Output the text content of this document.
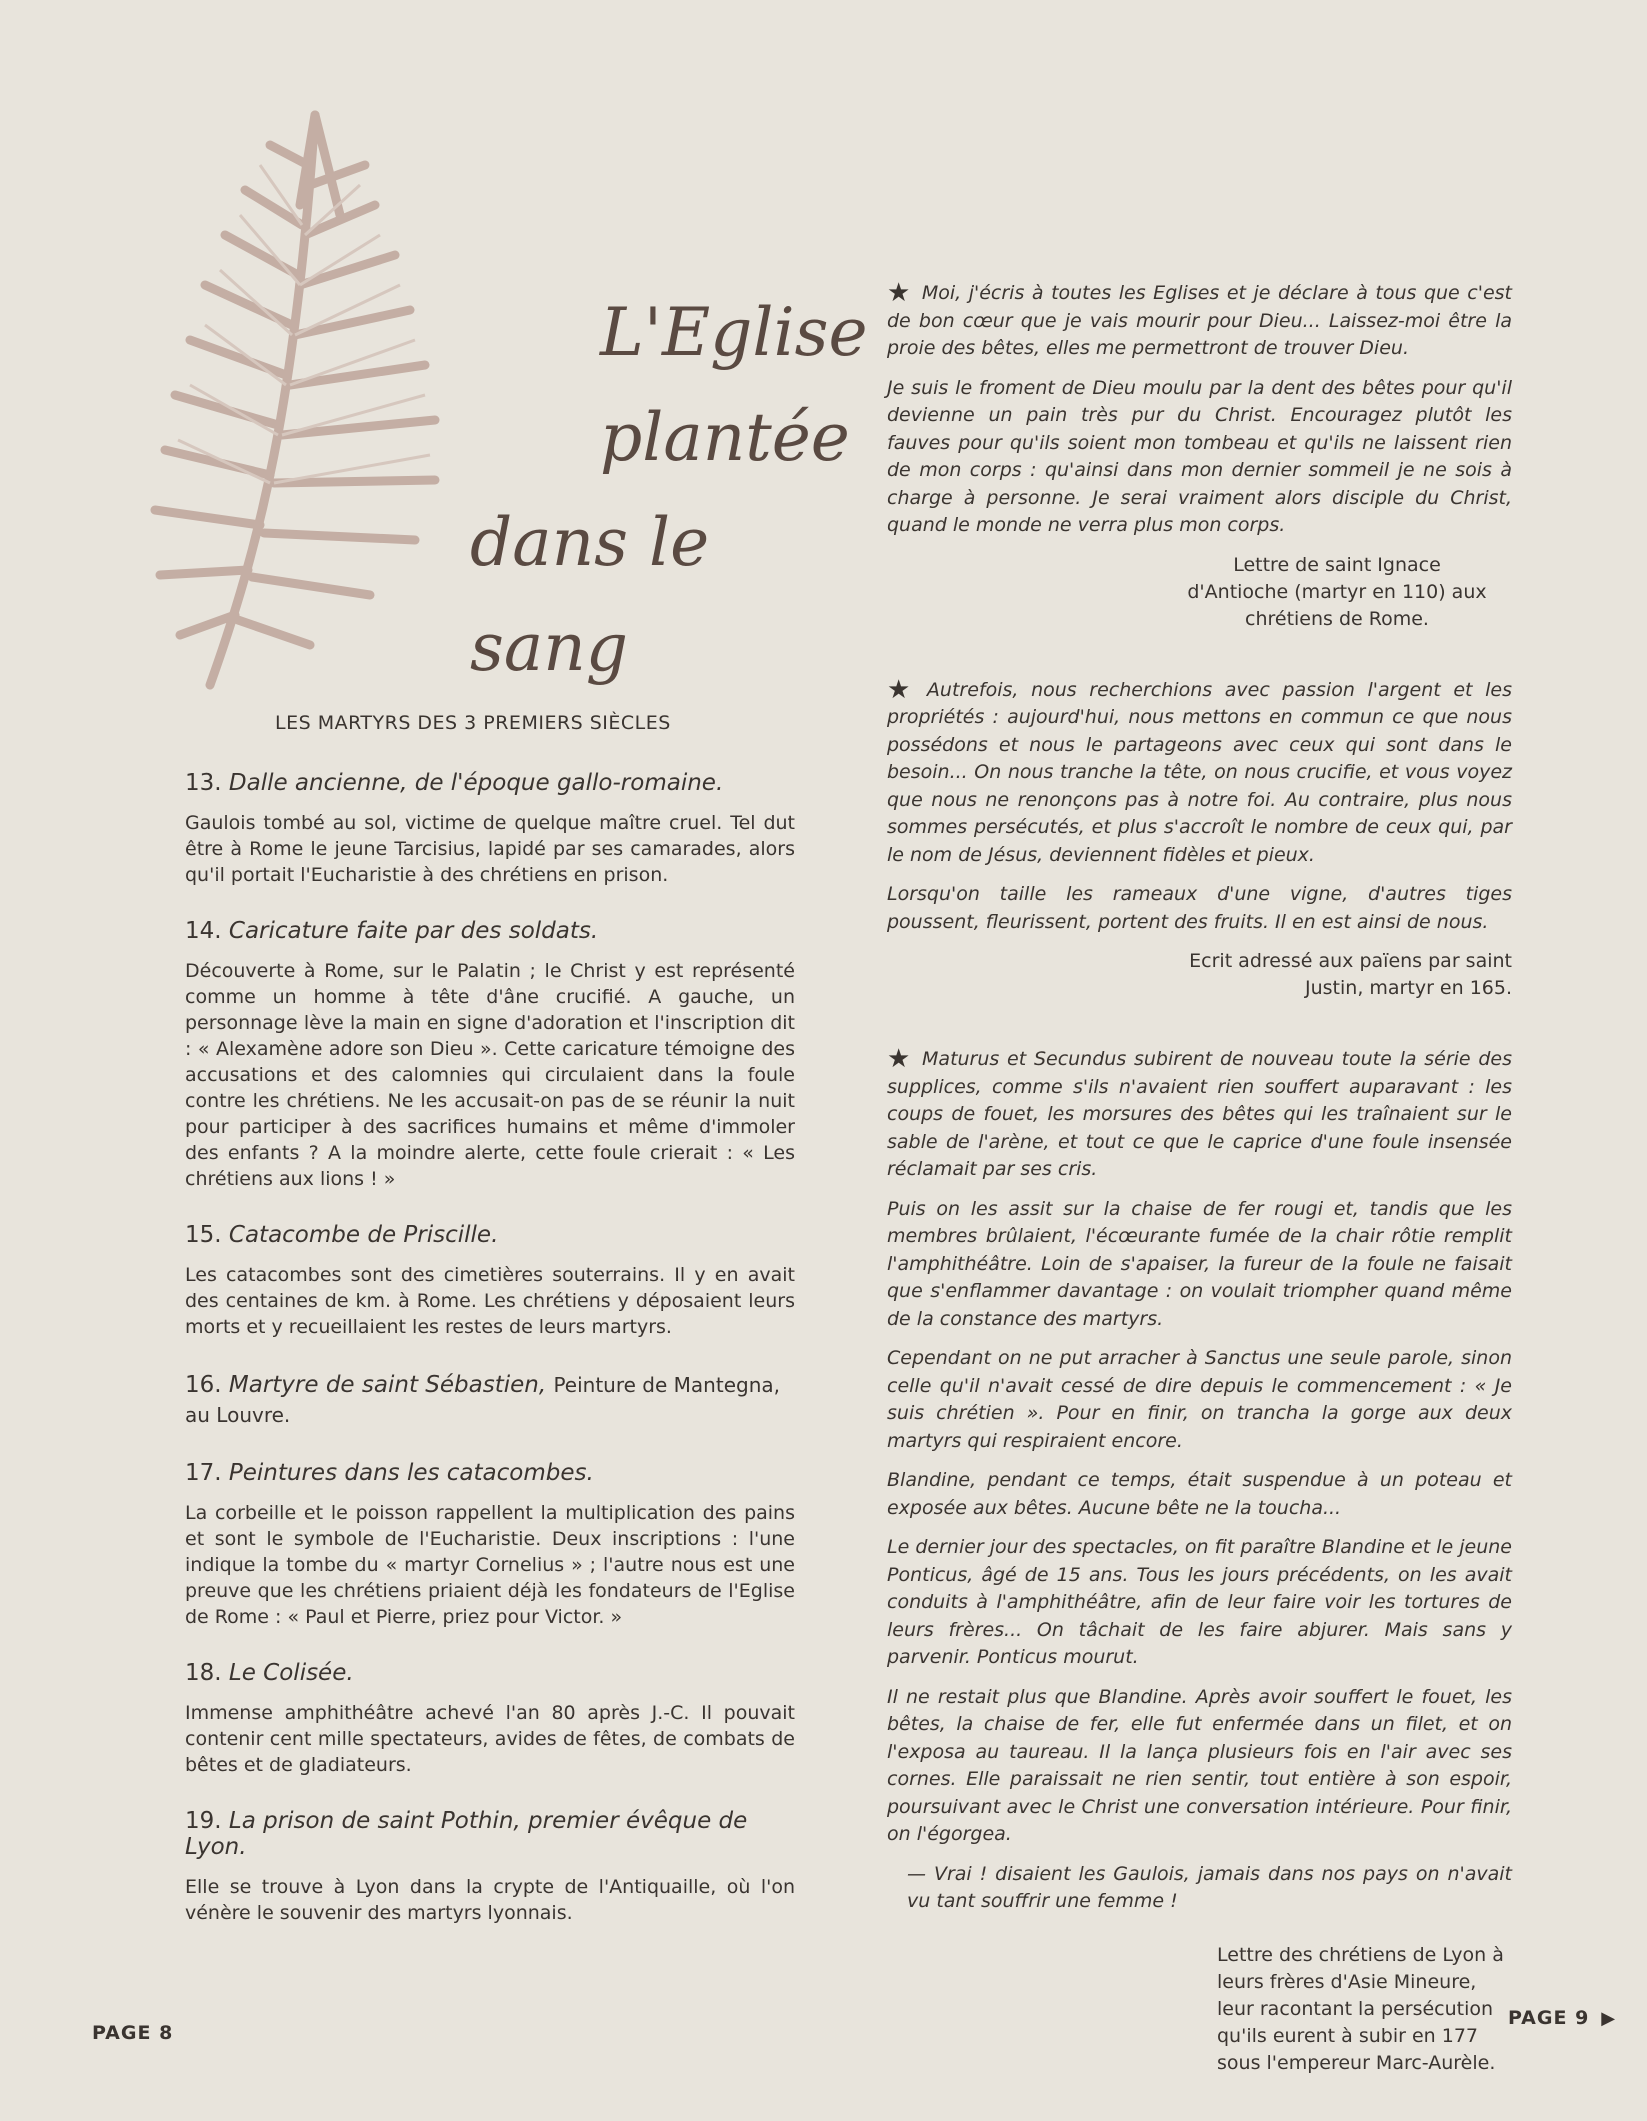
L'Eglise
plantée
dans le sang
LES MARTYRS DES 3 PREMIERS SIÈCLES
13. Dalle ancienne, de l'époque gallo-romaine.
Gaulois tombé au sol, victime de quelque maître cruel. Tel dut être à Rome le jeune Tarcisius, lapidé par ses camarades, alors qu'il portait l'Eucharistie à des chrétiens en prison.
14. Caricature faite par des soldats.
Découverte à Rome, sur le Palatin ; le Christ y est représenté comme un homme à tête d'âne crucifié. A gauche, un personnage lève la main en signe d'adoration et l'inscription dit : « Alexamène adore son Dieu ». Cette caricature témoigne des accusations et des calomnies qui circulaient dans la foule contre les chrétiens. Ne les accusait-on pas de se réunir la nuit pour participer à des sacrifices humains et même d'immoler des enfants ? A la moindre alerte, cette foule crierait : « Les chrétiens aux lions ! »
15. Catacombe de Priscille.
Les catacombes sont des cimetières souterrains. Il y en avait des centaines de km. à Rome. Les chrétiens y déposaient leurs morts et y recueillaient les restes de leurs martyrs.
16. Martyre de saint Sébastien, Peinture de Mantegna, au Louvre.
17. Peintures dans les catacombes.
La corbeille et le poisson rappellent la multiplication des pains et sont le symbole de l'Eucharistie. Deux inscriptions : l'une indique la tombe du « martyr Cornelius » ; l'autre nous est une preuve que les chrétiens priaient déjà les fondateurs de l'Eglise de Rome : « Paul et Pierre, priez pour Victor. »
18. Le Colisée.
Immense amphithéâtre achevé l'an 80 après J.-C. Il pouvait contenir cent mille spectateurs, avides de fêtes, de combats de bêtes et de gladiateurs.
19. La prison de saint Pothin, premier évêque de Lyon.
Elle se trouve à Lyon dans la crypte de l'Antiquaille, où l'on vénère le souvenir des martyrs lyonnais.

★ Moi, j'écris à toutes les Eglises et je déclare à tous que c'est de bon cœur que je vais mourir pour Dieu... Laissez-moi être la proie des bêtes, elles me permettront de trouver Dieu.

Je suis le froment de Dieu moulu par la dent des bêtes pour qu'il devienne un pain très pur du Christ. Encouragez plutôt les fauves pour qu'ils soient mon tombeau et qu'ils ne laissent rien de mon corps : qu'ainsi dans mon dernier sommeil je ne sois à charge à personne. Je serai vraiment alors disciple du Christ, quand le monde ne verra plus mon corps.

Lettre de saint Ignace d'Antioche (martyr en 110) aux chrétiens de Rome.

★ Autrefois, nous recherchions avec passion l'argent et les propriétés : aujourd'hui, nous mettons en commun ce que nous possédons et nous le partageons avec ceux qui sont dans le besoin... On nous tranche la tête, on nous crucifie, et vous voyez que nous ne renonçons pas à notre foi. Au contraire, plus nous sommes persécutés, et plus s'accroît le nombre de ceux qui, par le nom de Jésus, deviennent fidèles et pieux.

Lorsqu'on taille les rameaux d'une vigne, d'autres tiges poussent, fleurissent, portent des fruits. Il en est ainsi de nous.

Ecrit adressé aux païens par saint Justin, martyr en 165.

★ Maturus et Secundus subirent de nouveau toute la série des supplices, comme s'ils n'avaient rien souffert auparavant : les coups de fouet, les morsures des bêtes qui les traînaient sur le sable de l'arène, et tout ce que le caprice d'une foule insensée réclamait par ses cris.

Puis on les assit sur la chaise de fer rougi et, tandis que les membres brûlaient, l'écœurante fumée de la chair rôtie remplit l'amphithéâtre. Loin de s'apaiser, la fureur de la foule ne faisait que s'enflammer davantage : on voulait triompher quand même de la constance des martyrs.

Cependant on ne put arracher à Sanctus une seule parole, sinon celle qu'il n'avait cessé de dire depuis le commencement : « Je suis chrétien ». Pour en finir, on trancha la gorge aux deux martyrs qui respiraient encore.

Blandine, pendant ce temps, était suspendue à un poteau et exposée aux bêtes. Aucune bête ne la toucha...

Le dernier jour des spectacles, on fit paraître Blandine et le jeune Ponticus, âgé de 15 ans. Tous les jours précédents, on les avait conduits à l'amphithéâtre, afin de leur faire voir les tortures de leurs frères... On tâchait de les faire abjurer. Mais sans y parvenir. Ponticus mourut.

Il ne restait plus que Blandine. Après avoir souffert le fouet, les bêtes, la chaise de fer, elle fut enfermée dans un filet, et on l'exposa au taureau. Il la lança plusieurs fois en l'air avec ses cornes. Elle paraissait ne rien sentir, tout entière à son espoir, poursuivant avec le Christ une conversation intérieure. Pour finir, on l'égorgea.

— Vrai ! disaient les Gaulois, jamais dans nos pays on n'avait vu tant souffrir une femme !

Lettre des chrétiens de Lyon à leurs frères d'Asie Mineure, leur racontant la persécution qu'ils eurent à subir en 177 sous l'empereur Marc-Aurèle.
PAGE 8
PAGE 9 ▶
